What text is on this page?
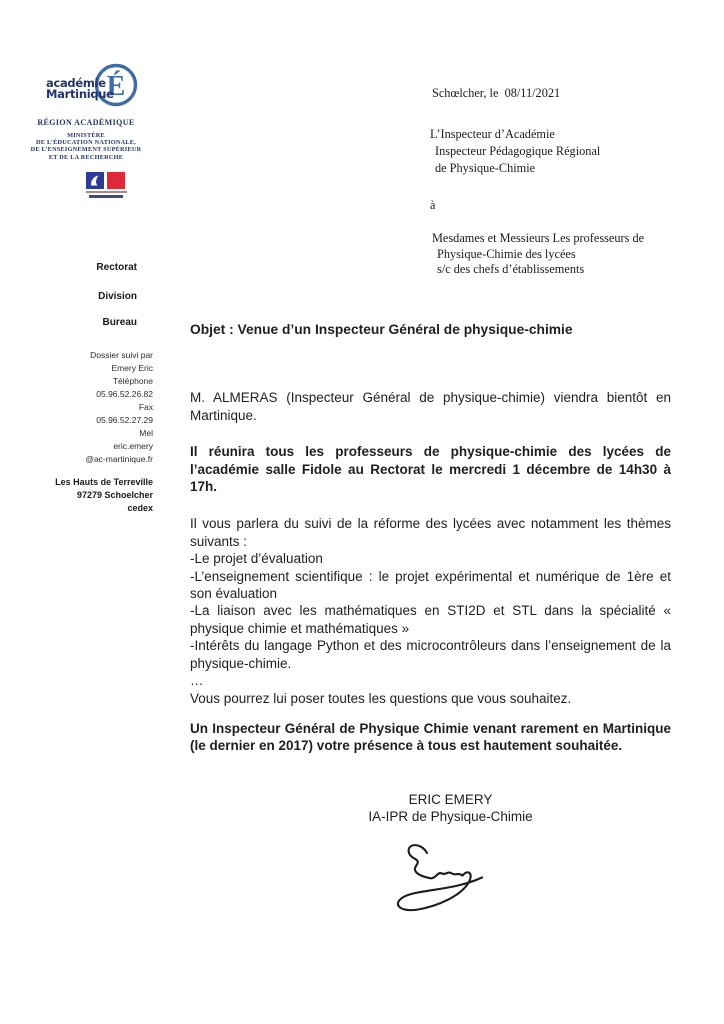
É
académie
Martinique
RÉGION ACADÉMIQUE
MINISTÈRE
DE L’ÉDUCATION NATIONALE,
DE L’ENSEIGNEMENT SUPÉRIEUR
ET DE LA RECHERCHE
Schœlcher, le  08/11/2021
L’Inspecteur d’Académie
Inspecteur Pédagogique Régional
de Physique-Chimie
à
Mesdames et Messieurs Les professeurs de
Physique-Chimie des lycées
s/c des chefs d’établissements
Rectorat
Division
Bureau
Dossier suivi par
Emery Eric
Téléphone
05.96.52.26.82
Fax
05.96.52.27.29
Mel
eric.emery
@ac-martinique.fr
Les Hauts de Terreville
97279 Schoelcher
cedex
Objet : Venue d’un Inspecteur Général de physique-chimie
M. ALMERAS (Inspecteur Général de physique-chimie) viendra bientôt en Martinique.
Il réunira tous les professeurs de physique-chimie des lycées de l’académie salle Fidole au Rectorat le mercredi 1 décembre de 14h30 à 17h.
Il vous parlera du suivi de la réforme des lycées avec notamment les thèmes suivants :
-Le projet d’évaluation
-L’enseignement scientifique : le projet expérimental et numérique de 1ère et son évaluation
-La liaison avec les mathématiques en STI2D et STL dans la spécialité « physique chimie et mathématiques »
-Intérêts du langage Python et des microcontrôleurs dans l’enseignement de la physique-chimie.
…
Vous pourrez lui poser toutes les questions que vous souhaitez.
Un Inspecteur Général de Physique Chimie venant rarement en Martinique (le dernier en 2017) votre présence à tous est hautement souhaitée.
ERIC EMERY
IA-IPR de Physique-Chimie
